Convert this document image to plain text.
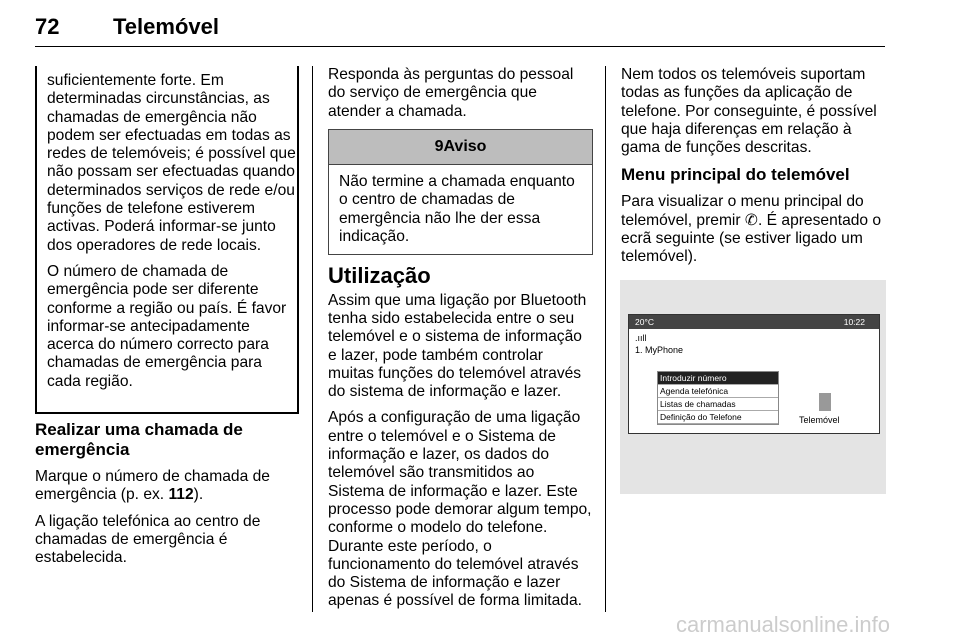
72 Telemóvel

suficientemente forte. Em determinadas circunstâncias, as chamadas de emergência não podem ser efectuadas em todas as redes de telemóveis; é possível que não possam ser efectuadas quando determinados serviços de rede e/ou funções de telefone estiverem activas. Poderá informar-se junto dos operadores de rede locais.

O número de chamada de emergência pode ser diferente conforme a região ou país. É favor informar-se antecipadamente acerca do número correcto para chamadas de emergência para cada região.

Realizar uma chamada de emergência

Marque o número de chamada de emergência (p. ex. 112).

A ligação telefónica ao centro de chamadas de emergência é estabelecida.

Responda às perguntas do pessoal do serviço de emergência que atender a chamada.

9Aviso
Não termine a chamada enquanto o centro de chamadas de emergência não lhe der essa indicação.
Utilização

Assim que uma ligação por Bluetooth tenha sido estabelecida entre o seu telemóvel e o sistema de informação e lazer, pode também controlar muitas funções do telemóvel através do sistema de informação e lazer.

Após a configuração de uma ligação entre o telemóvel e o Sistema de informação e lazer, os dados do telemóvel são transmitidos ao Sistema de informação e lazer. Este processo pode demorar algum tempo, conforme o modelo do telefone. Durante este período, o funcionamento do telemóvel através do Sistema de informação e lazer apenas é possível de forma limitada.

Nem todos os telemóveis suportam todas as funções da aplicação de telefone. Por conseguinte, é possível que haja diferenças em relação à gama de funções descritas.

Menu principal do telemóvel

Para visualizar o menu principal do telemóvel, premir ✆. É apresentado o ecrã seguinte (se estiver ligado um telemóvel).

20°C	10:22
.ııll
1. MyPhone
Introduzir número
Agenda telefónica
Listas de chamadas
Definição do Telefone	Telemóvel
carmanualsonline.info
